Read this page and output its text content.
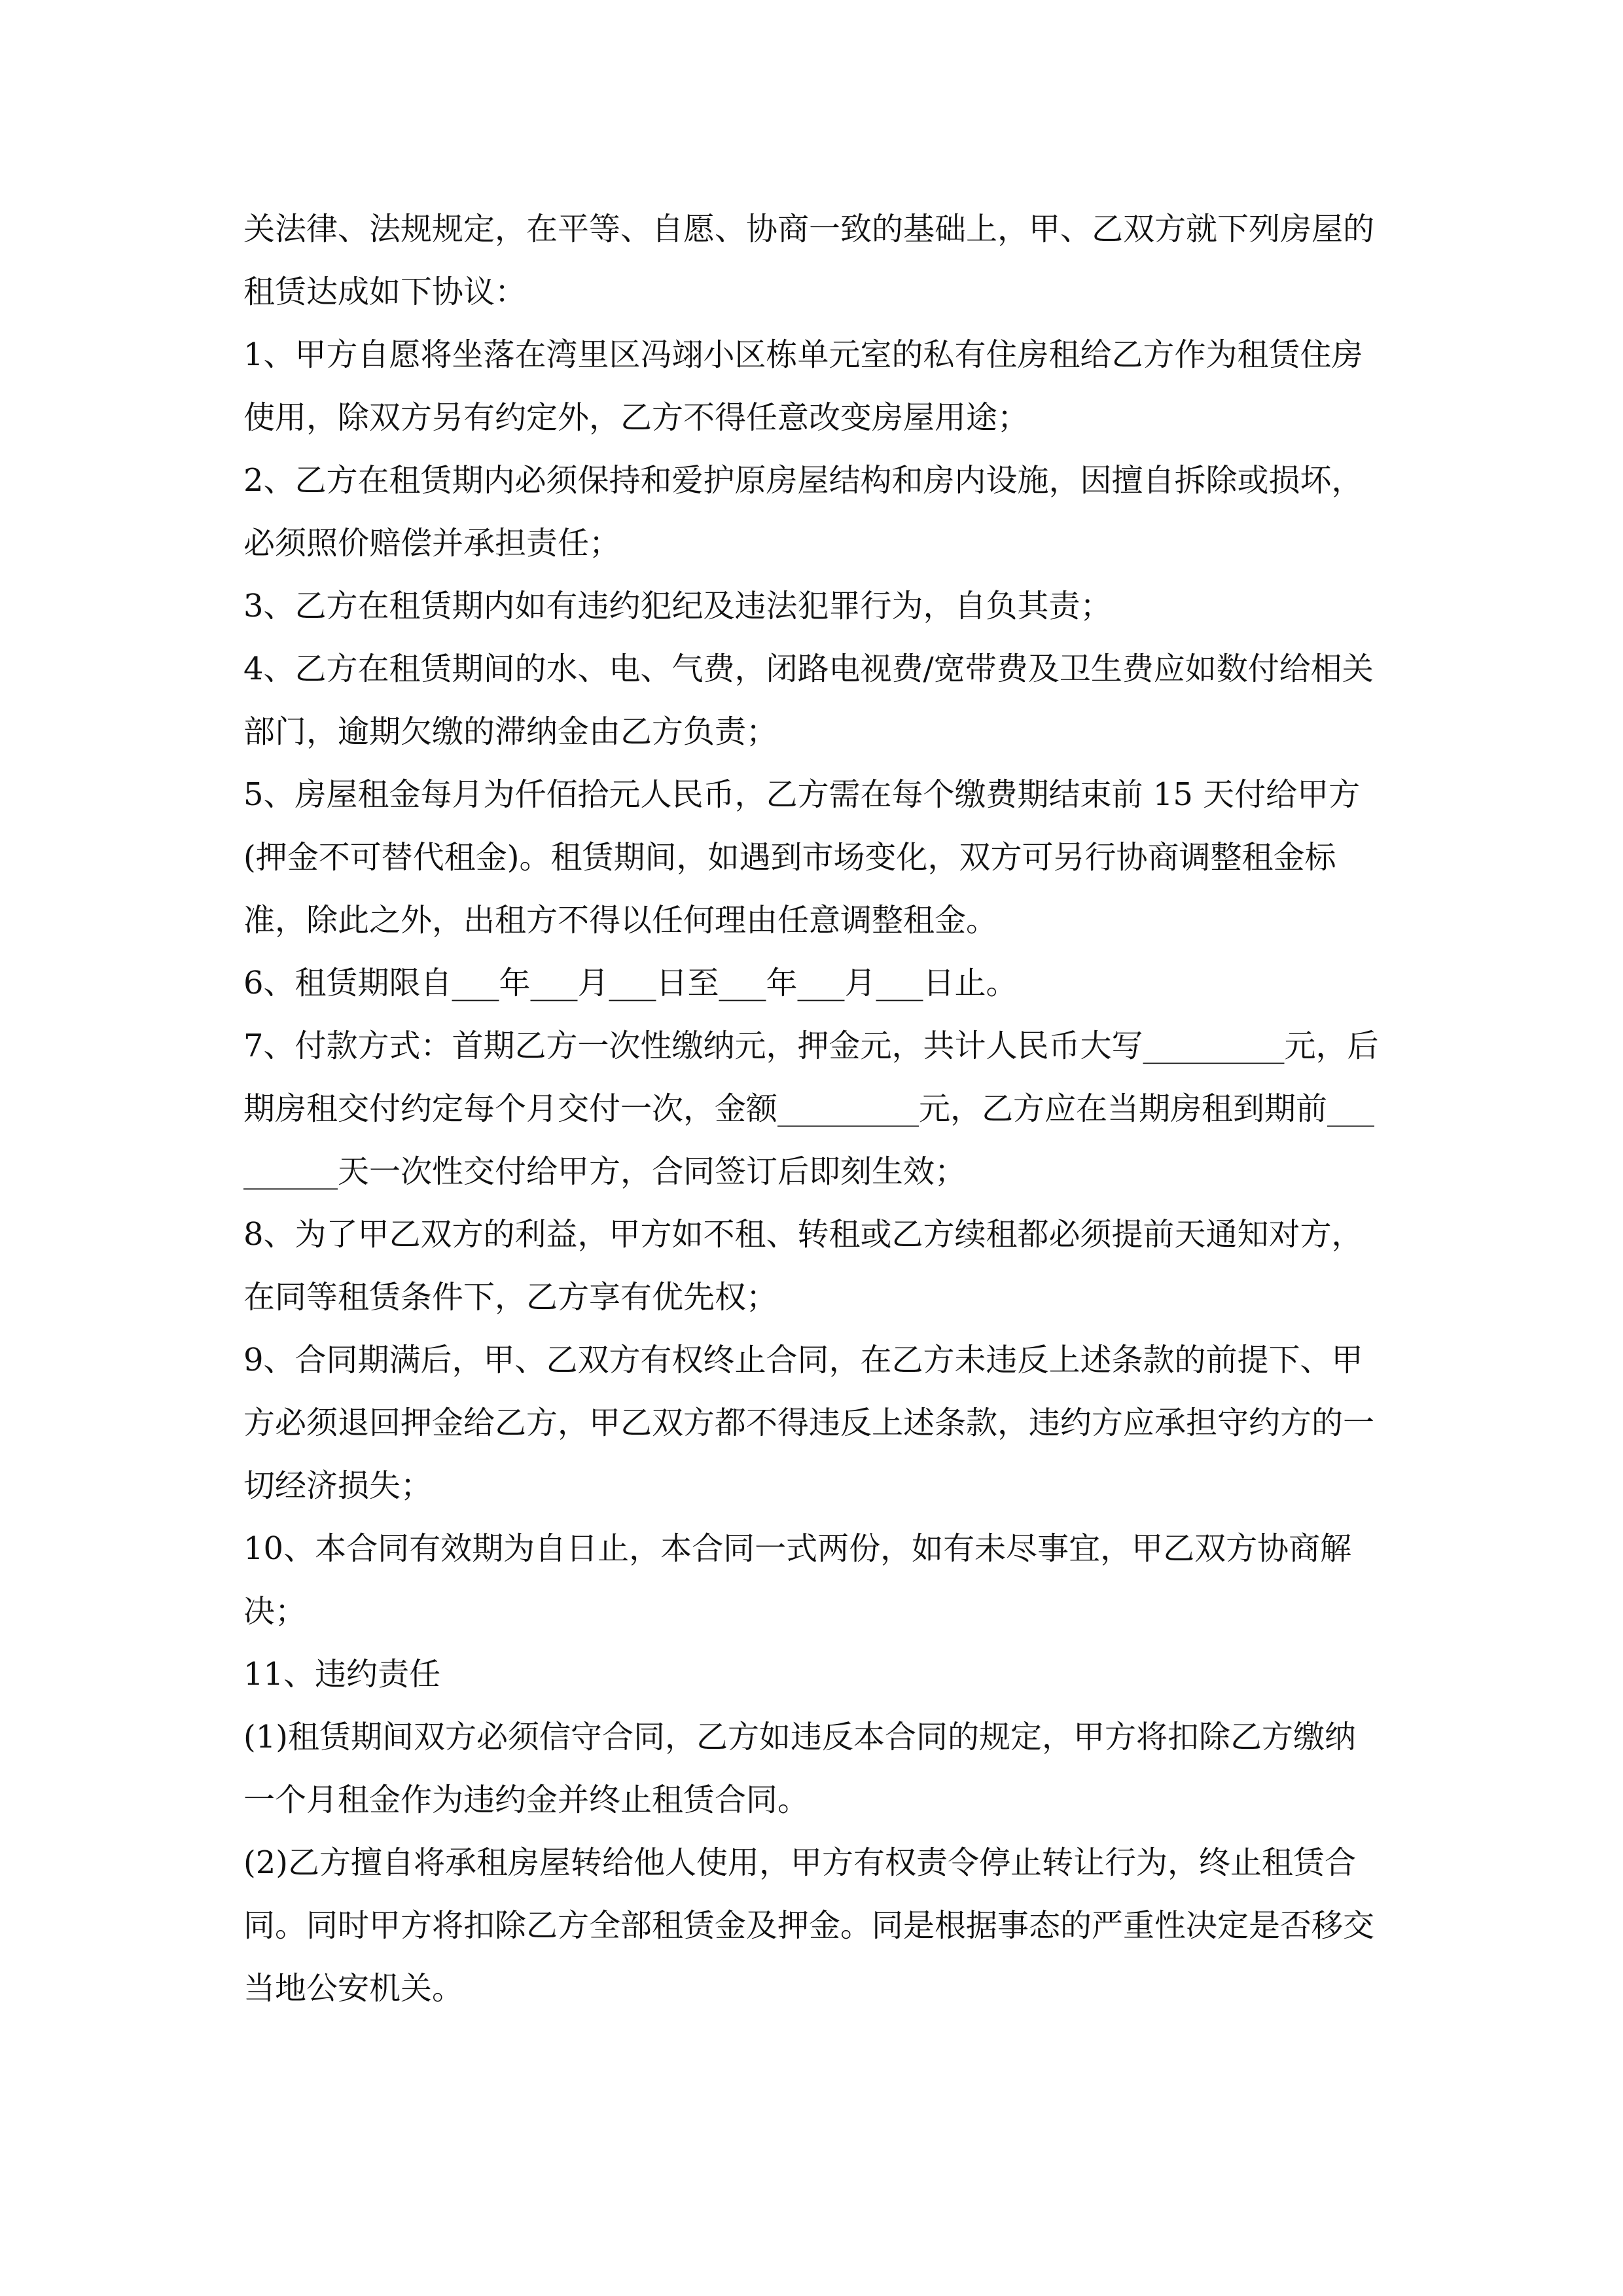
关法律、法规规定，在平等、自愿、协商一致的基础上，甲、乙双方就下列房屋的租赁达成如下协议：

1、甲方自愿将坐落在湾里区冯翊小区栋单元室的私有住房租给乙方作为租赁住房使用，除双方另有约定外，乙方不得任意改变房屋用途；

2、乙方在租赁期内必须保持和爱护原房屋结构和房内设施，因擅自拆除或损坏，必须照价赔偿并承担责任；

3、乙方在租赁期内如有违约犯纪及违法犯罪行为，自负其责；

4、乙方在租赁期间的水、电、气费，闭路电视费/宽带费及卫生费应如数付给相关部门，逾期欠缴的滞纳金由乙方负责；

5、房屋租金每月为仟佰拾元人民币，乙方需在每个缴费期结束前 15 天付给甲方(押金不可替代租金)。租赁期间，如遇到市场变化，双方可另行协商调整租金标准，除此之外，出租方不得以任何理由任意调整租金。

6、租赁期限自___年___月___日至___年___月___日止。

7、付款方式：首期乙方一次性缴纳元，押金元，共计人民币大写_________元，后期房租交付约定每个月交付一次，金额_________元，乙方应在当期房租到期前_________天一次性交付给甲方，合同签订后即刻生效；

8、为了甲乙双方的利益，甲方如不租、转租或乙方续租都必须提前天通知对方，在同等租赁条件下，乙方享有优先权；

9、合同期满后，甲、乙双方有权终止合同，在乙方未违反上述条款的前提下、甲方必须退回押金给乙方，甲乙双方都不得违反上述条款，违约方应承担守约方的一切经济损失；

10、本合同有效期为自日止，本合同一式两份，如有未尽事宜，甲乙双方协商解决；

11、违约责任

(1)租赁期间双方必须信守合同，乙方如违反本合同的规定，甲方将扣除乙方缴纳一个月租金作为违约金并终止租赁合同。

(2)乙方擅自将承租房屋转给他人使用，甲方有权责令停止转让行为，终止租赁合同。同时甲方将扣除乙方全部租赁金及押金。同是根据事态的严重性决定是否移交当地公安机关。
